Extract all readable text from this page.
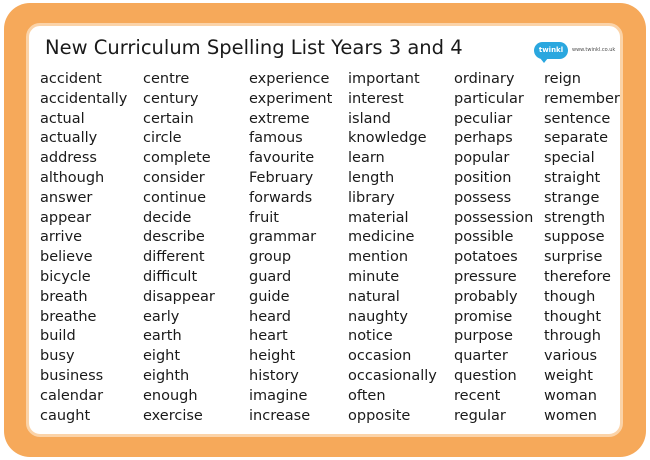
New Curriculum Spelling List Years 3 and 4	twinkl	www.twinkl.co.uk
accident
accidentally
actual
actually
address
although
answer
appear
arrive
believe
bicycle
breath
breathe
build
busy
business
calendar
caught
centre
century
certain
circle
complete
consider
continue
decide
describe
different
difficult
disappear
early
earth
eight
eighth
enough
exercise
experience
experiment
extreme
famous
favourite
February
forwards
fruit
grammar
group
guard
guide
heard
heart
height
history
imagine
increase
important
interest
island
knowledge
learn
length
library
material
medicine
mention
minute
natural
naughty
notice
occasion
occasionally
often
opposite
ordinary
particular
peculiar
perhaps
popular
position
possess
possession
possible
potatoes
pressure
probably
promise
purpose
quarter
question
recent
regular
reign
remember
sentence
separate
special
straight
strange
strength
suppose
surprise
therefore
though
thought
through
various
weight
woman
women
